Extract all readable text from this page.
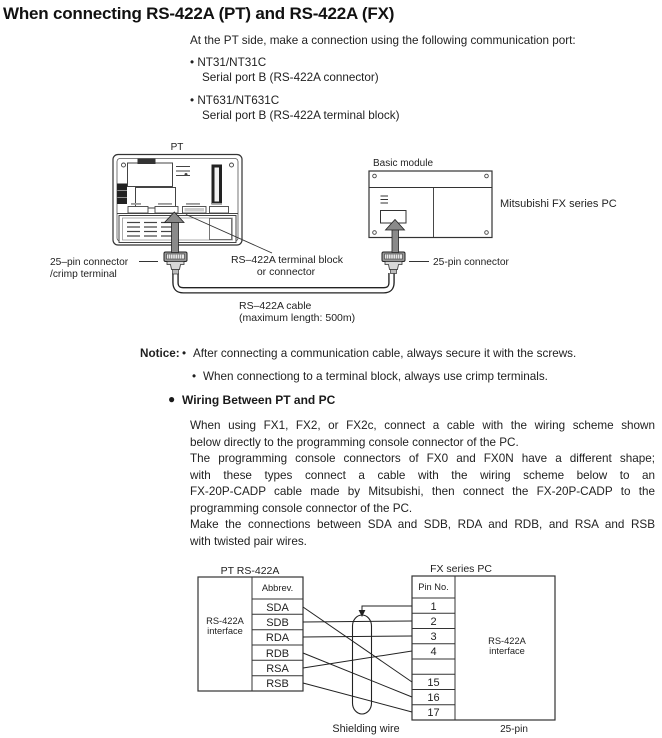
When connecting RS-422A (PT) and RS-422A (FX)
At the PT side, make a connection using the following communication port:
• NT31/NT31C
Serial port B (RS-422A connector)
• NT631/NT631C
Serial port B (RS-422A terminal block)
PT
Basic module
Mitsubishi FX series PC
25–pin connector
/crimp terminal
RS–422A terminal block
or connector
25-pin connector
RS–422A cable
(maximum length: 500m)
Notice: • After connecting a communication cable, always secure it with the screws.
• When connectiong to a terminal block, always use crimp terminals.
● Wiring Between PT and PC
When using FX1, FX2, or FX2c, connect a cable with the wiring scheme shown
below directly to the programming console connector of the PC.
The programming console connectors of FX0 and FX0N have a different shape;
with these types connect a cable with the wiring scheme below to an
FX-20P-CADP cable made by Mitsubishi, then connect the FX-20P-CADP to the
programming console connector of the PC.
Make the connections between SDA and SDB, RDA and RDB, and RSA and RSB
with twisted pair wires.
PT RS-422A	FX series PC
Abbrev.
SDA
SDB
RDA
RDB
RSA
RSB
RS-422A
interface
Pin No.
1
2
3
4
15
16
17
RS-422A
interface
Shielding wire	25-pin
